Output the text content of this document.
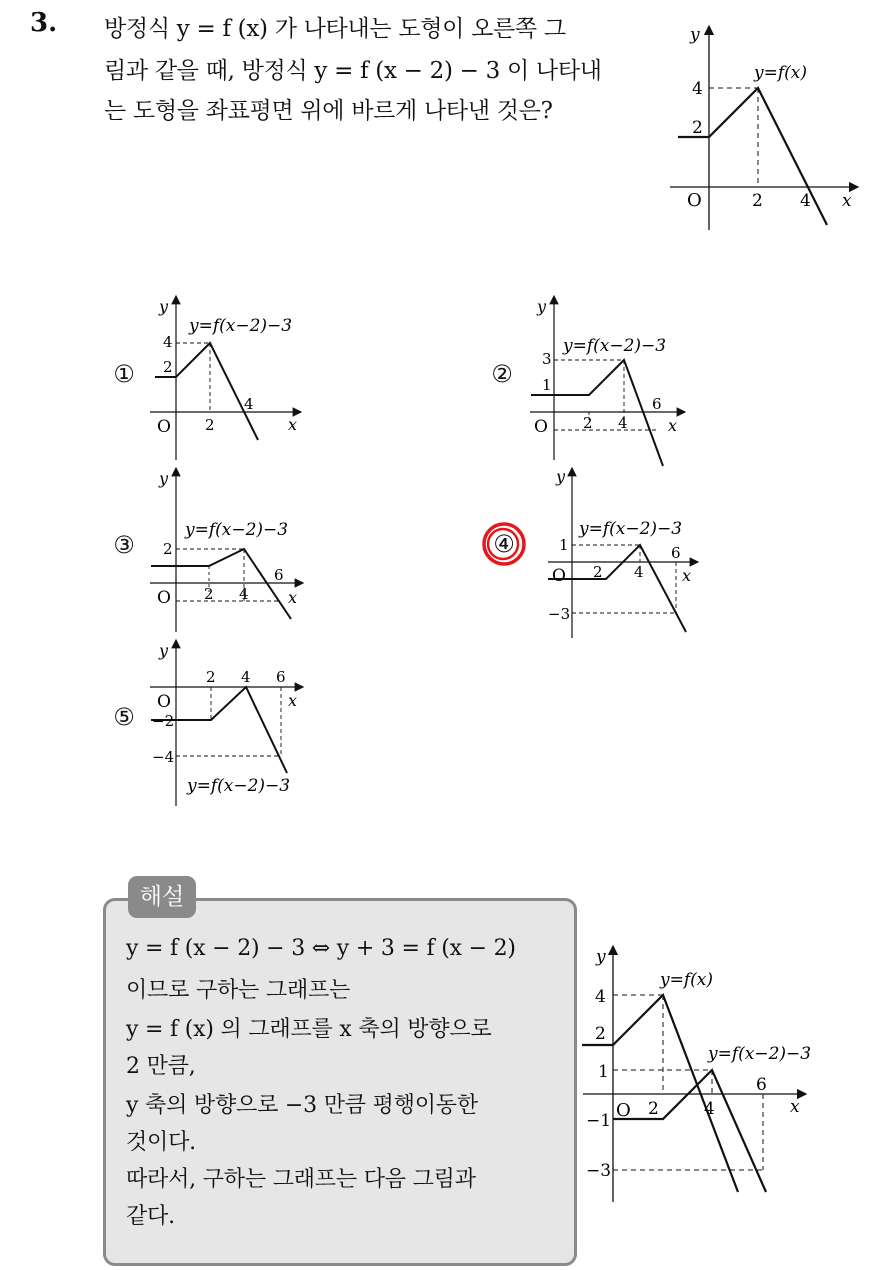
3. 방정식 y = f (x) 가 나타내는 도형이 오른쪽 그
림과 같을 때, 방정식 y = f (x − 2) − 3 이 나타내
는 도형을 좌표평면 위에 바르게 나타낸 것은?
y
x
O
4
2
2 4
y=f(x)
①
y
x
O
4
2
2
4
y=f(x−2)−3
②
y
x
O
3
1
2 4
6
y=f(x−2)−3
③
y
x
O
2
2 4
6
y=f(x−2)−3	④
y
x
O
1
−3
2 4
6
y=f(x−2)−3
⑤
y
x
O
−2
−4
2 4 6
y=f(x−2)−3
해설
y = f (x − 2) − 3 ⇔ y + 3 = f (x − 2)
이므로 구하는 그래프는
y = f (x) 의 그래프를 x 축의 방향으로
2 만큼,
y 축의 방향으로 −3 만큼 평행이동한
것이다.
따라서, 구하는 그래프는 다음 그림과
같다.
y
x
O
4
2
1
−1
−3
2	4
6
y=f(x)
y=f(x−2)−3
